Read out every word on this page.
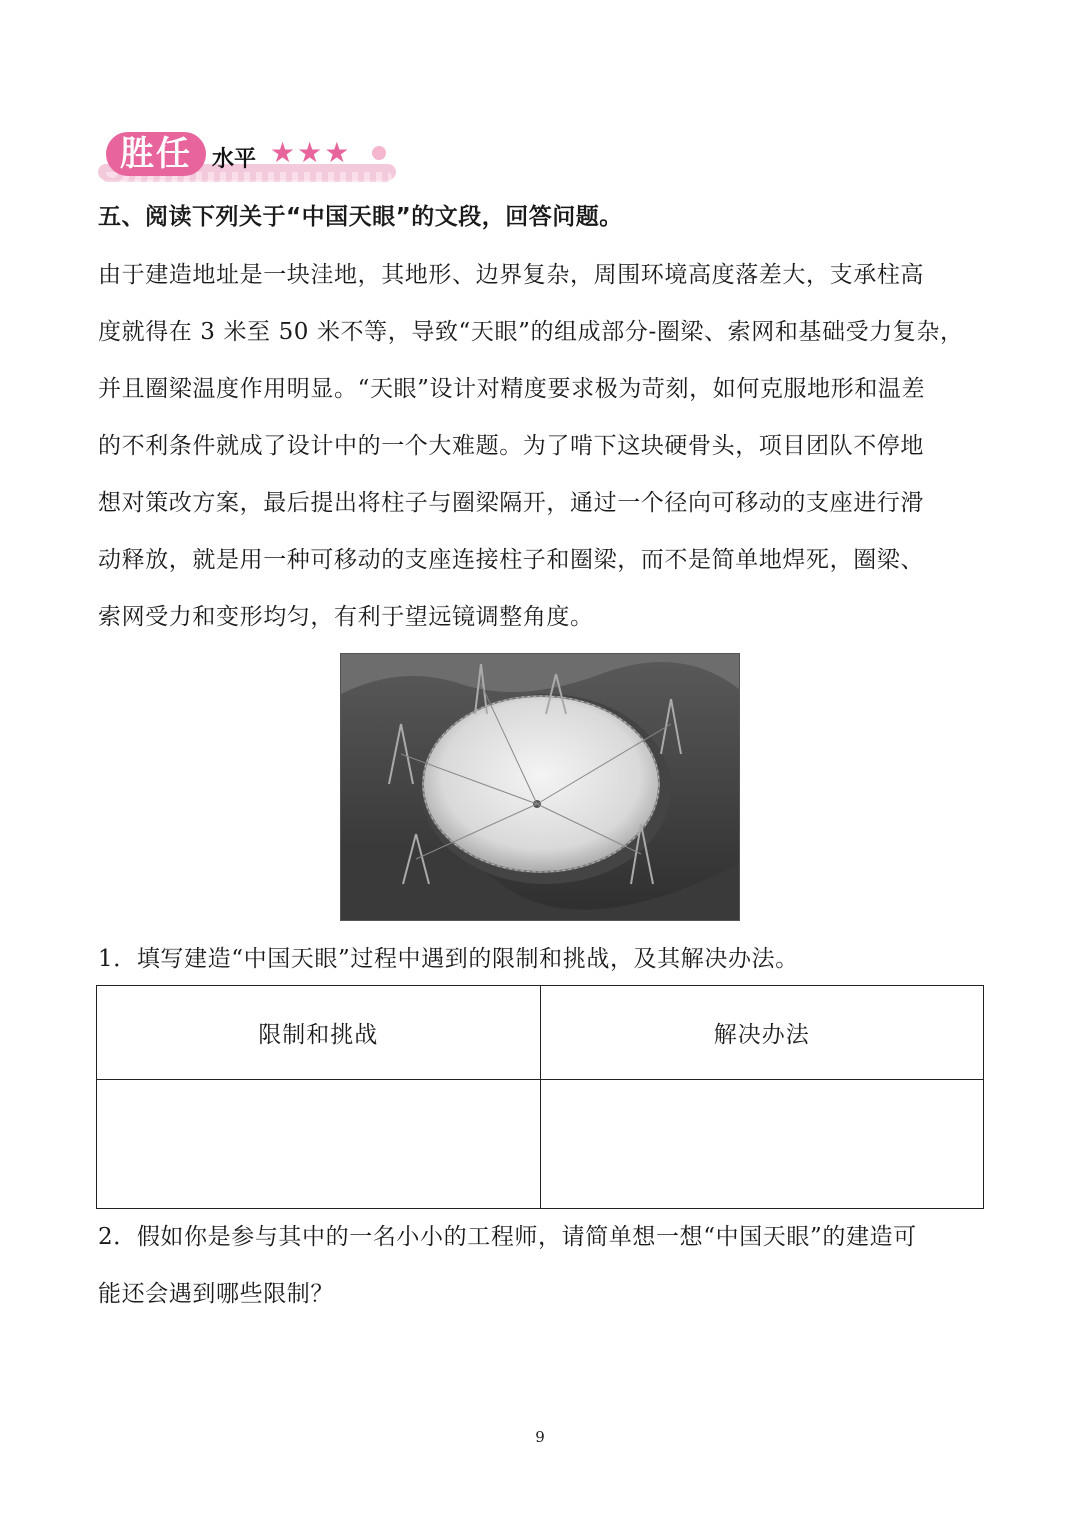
胜任 水平 ★★★
五、阅读下列关于“中国天眼”的文段，回答问题。
由于建造地址是一块洼地，其地形、边界复杂，周围环境高度落差大，支承柱高
度就得在 3 米至 50 米不等，导致“天眼”的组成部分-圈梁、索网和基础受力复杂，
并且圈梁温度作用明显。“天眼”设计对精度要求极为苛刻，如何克服地形和温差
的不利条件就成了设计中的一个大难题。为了啃下这块硬骨头，项目团队不停地
想对策改方案，最后提出将柱子与圈梁隔开，通过一个径向可移动的支座进行滑
动释放，就是用一种可移动的支座连接柱子和圈梁，而不是简单地焊死，圈梁、
索网受力和变形均匀，有利于望远镜调整角度。
1．填写建造“中国天眼”过程中遇到的限制和挑战，及其解决办法。
限制和挑战	解决办法

2．假如你是参与其中的一名小小的工程师，请简单想一想“中国天眼”的建造可
能还会遇到哪些限制？
9
